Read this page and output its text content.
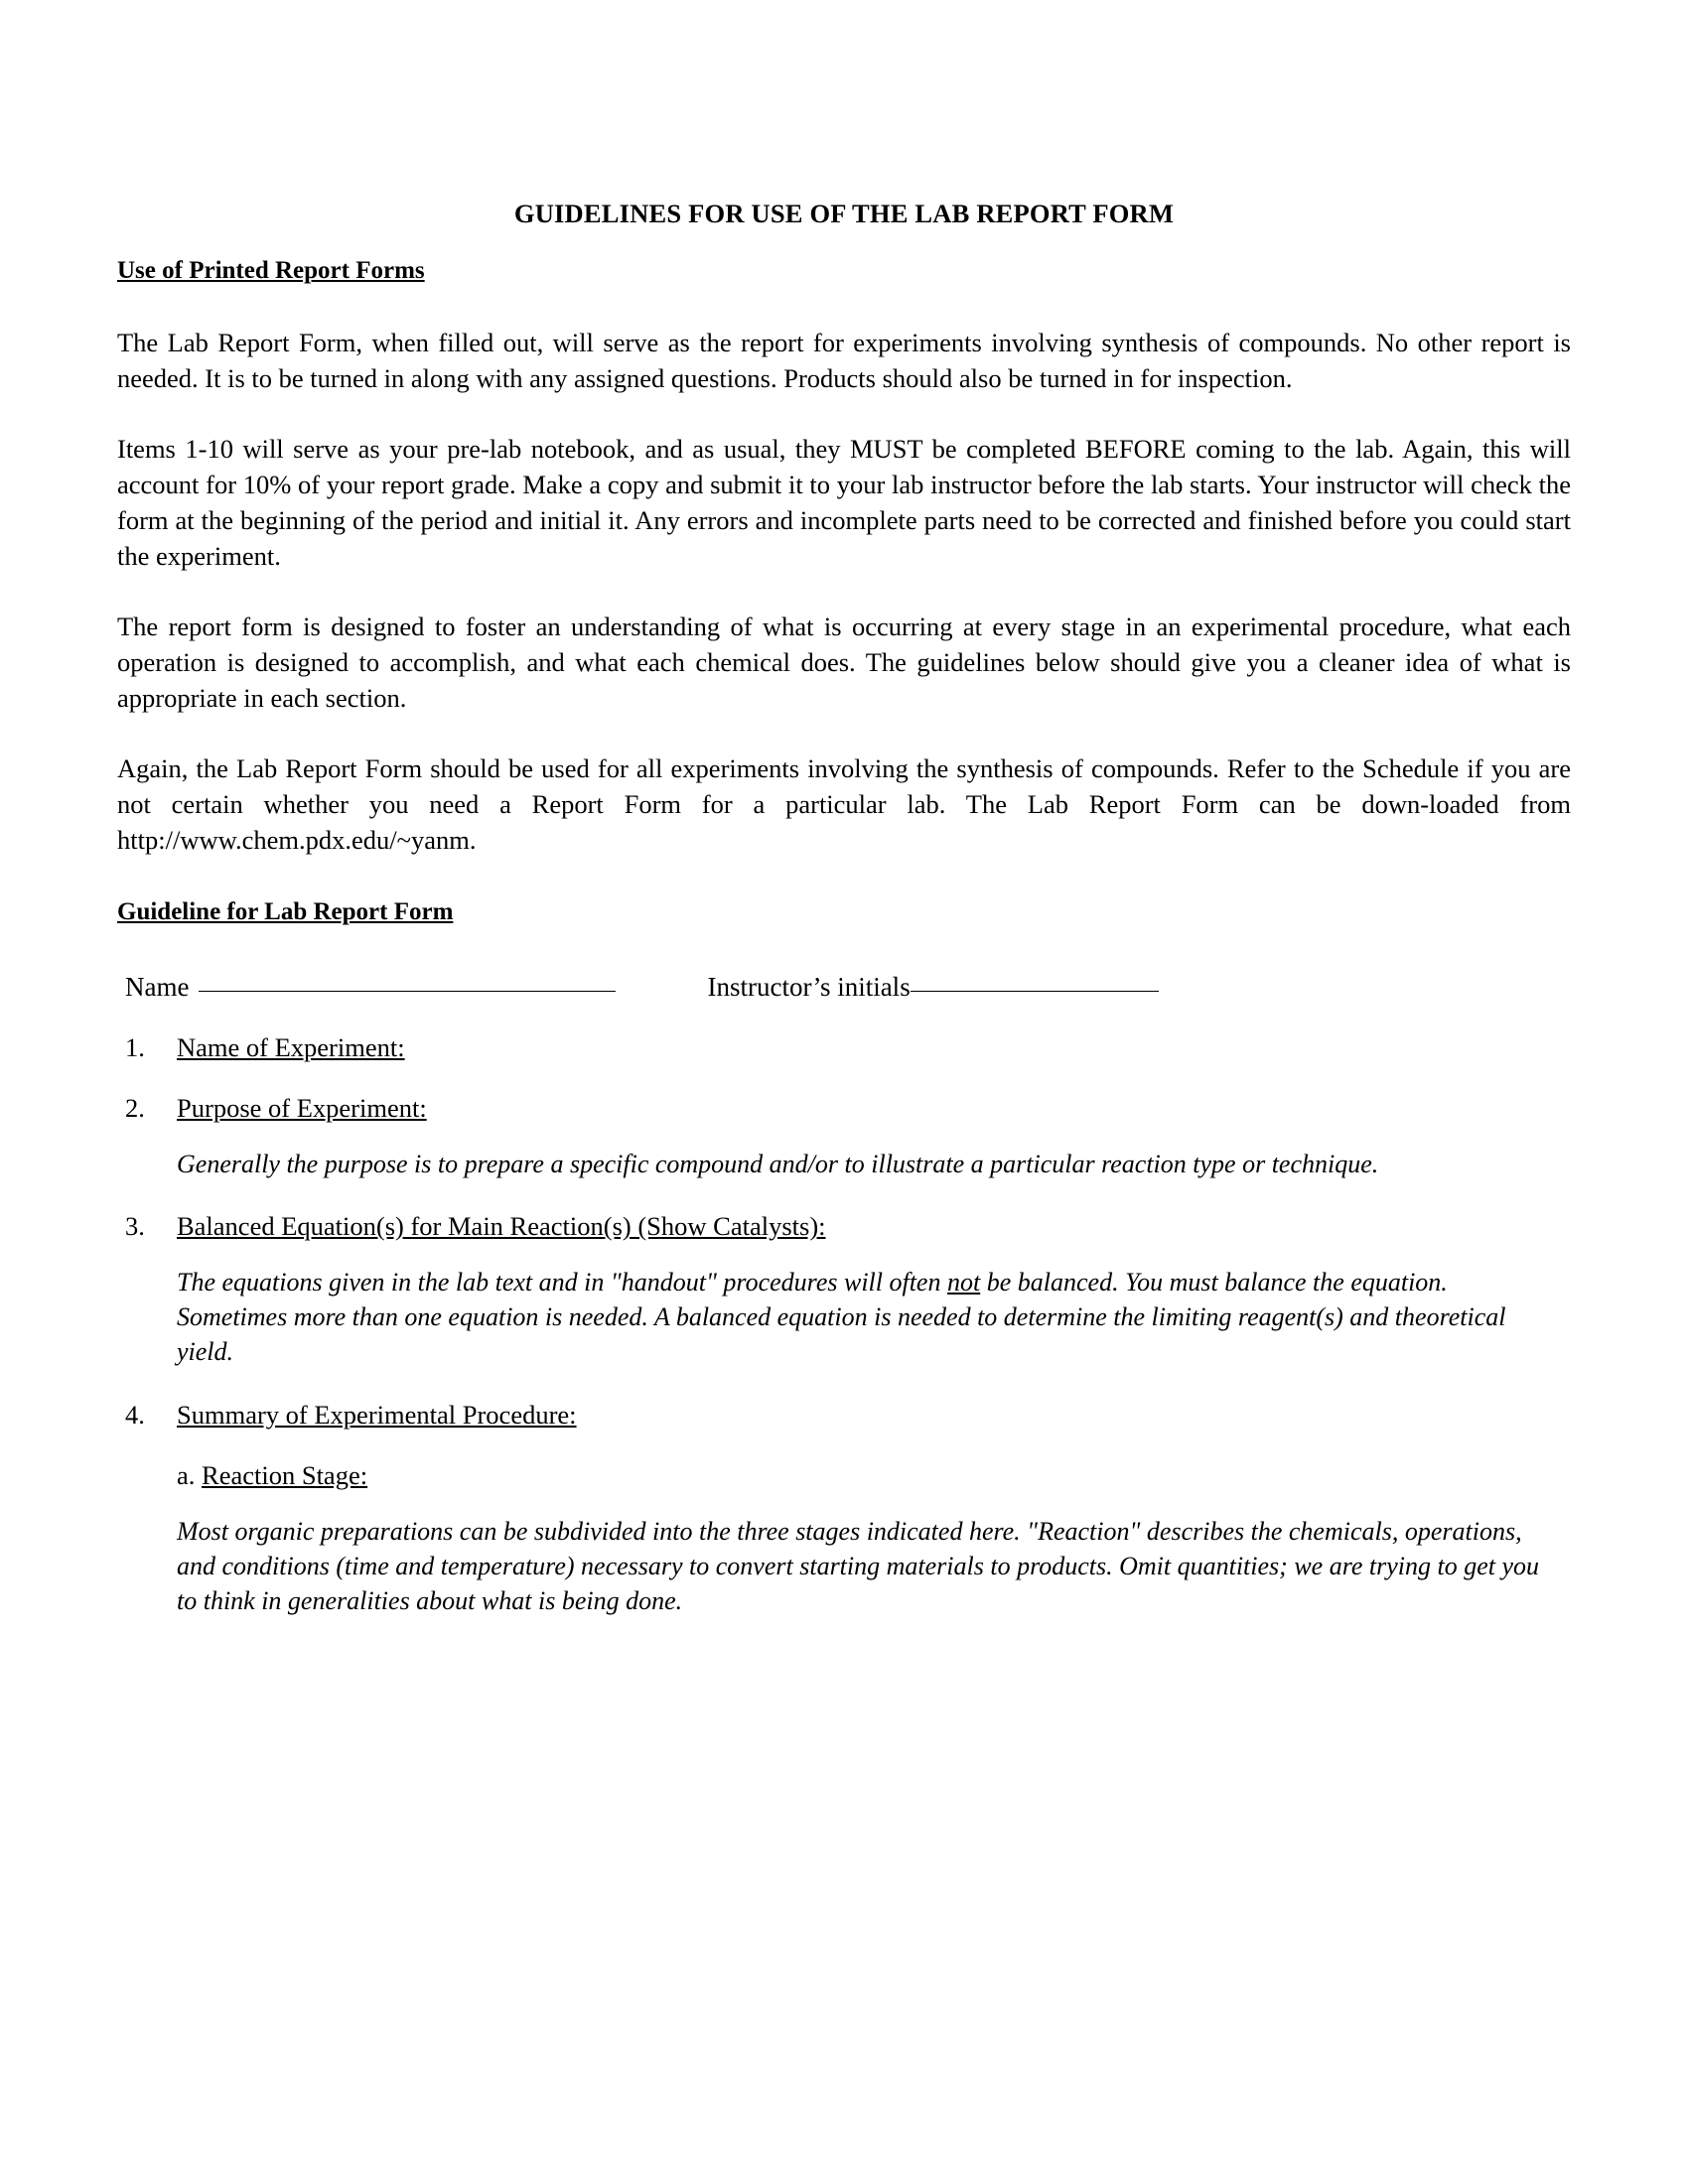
GUIDELINES FOR USE OF THE LAB REPORT FORM
Use of Printed Report Forms

The Lab Report Form, when filled out, will serve as the report for experiments involving synthesis of compounds. No other report is needed. It is to be turned in along with any assigned questions. Products should also be turned in for inspection.

Items 1-10 will serve as your pre-lab notebook, and as usual, they MUST be completed BEFORE coming to the lab. Again, this will account for 10% of your report grade. Make a copy and submit it to your lab instructor before the lab starts. Your instructor will check the form at the beginning of the period and initial it. Any errors and incomplete parts need to be corrected and finished before you could start the experiment.

The report form is designed to foster an understanding of what is occurring at every stage in an experimental procedure, what each operation is designed to accomplish, and what each chemical does. The guidelines below should give you a cleaner idea of what is appropriate in each section.

Again, the Lab Report Form should be used for all experiments involving the synthesis of compounds. Refer to the Schedule if you are not certain whether you need a Report Form for a particular lab. The Lab Report Form can be down-loaded from http://www.chem.pdx.edu/~yanm.

Guideline for Lab Report Form
Name	Instructor’s initials
1. Name of Experiment:
2. Purpose of Experiment:
Generally the purpose is to prepare a specific compound and/or to illustrate a particular reaction type or technique.
3. Balanced Equation(s) for Main Reaction(s) (Show Catalysts):
The equations given in the lab text and in "handout" procedures will often not be balanced. You must balance the equation. Sometimes more than one equation is needed. A balanced equation is needed to determine the limiting reagent(s) and theoretical yield.
4. Summary of Experimental Procedure:
a. Reaction Stage:
Most organic preparations can be subdivided into the three stages indicated here. "Reaction" describes the chemicals, operations, and conditions (time and temperature) necessary to convert starting materials to products. Omit quantities; we are trying to get you to think in generalities about what is being done.
